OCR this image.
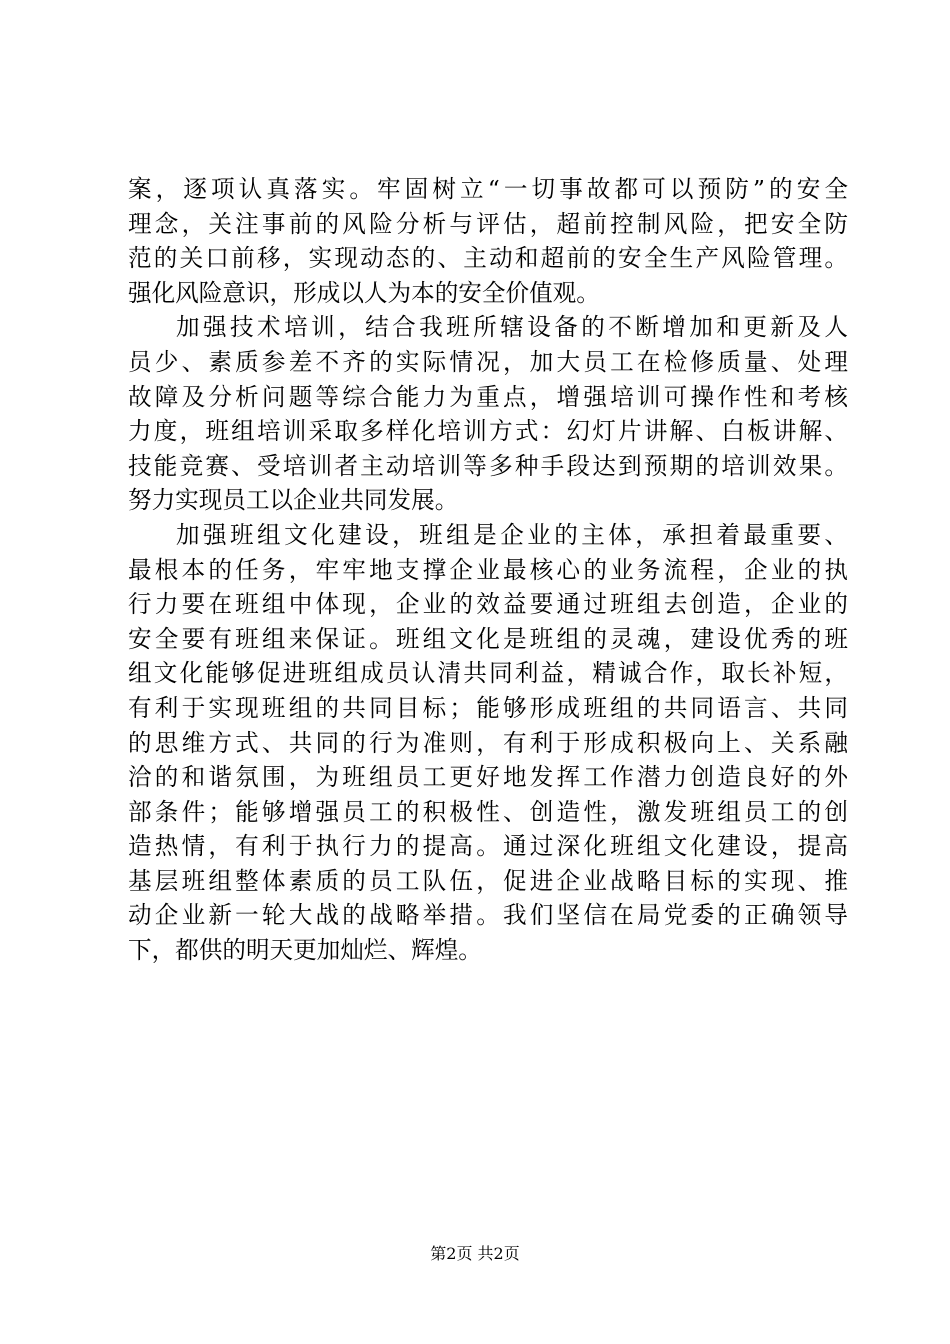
案，逐项认真落实。牢固树立“一切事故都可以预防”的安全
理念，关注事前的风险分析与评估，超前控制风险，把安全防
范的关口前移，实现动态的、主动和超前的安全生产风险管理。
强化风险意识，形成以人为本的安全价值观。
加强技术培训，结合我班所辖设备的不断增加和更新及人
员少、素质参差不齐的实际情况，加大员工在检修质量、处理
故障及分析问题等综合能力为重点，增强培训可操作性和考核
力度，班组培训采取多样化培训方式：幻灯片讲解、白板讲解、
技能竞赛、受培训者主动培训等多种手段达到预期的培训效果。
努力实现员工以企业共同发展。
加强班组文化建设，班组是企业的主体，承担着最重要、
最根本的任务，牢牢地支撑企业最核心的业务流程，企业的执
行力要在班组中体现，企业的效益要通过班组去创造，企业的
安全要有班组来保证。班组文化是班组的灵魂，建设优秀的班
组文化能够促进班组成员认清共同利益，精诚合作，取长补短，
有利于实现班组的共同目标；能够形成班组的共同语言、共同
的思维方式、共同的行为准则，有利于形成积极向上、关系融
洽的和谐氛围，为班组员工更好地发挥工作潜力创造良好的外
部条件；能够增强员工的积极性、创造性，激发班组员工的创
造热情，有利于执行力的提高。通过深化班组文化建设，提高
基层班组整体素质的员工队伍，促进企业战略目标的实现、推
动企业新一轮大战的战略举措。我们坚信在局党委的正确领导
下，都供的明天更加灿烂、辉煌。
第2页 共2页
